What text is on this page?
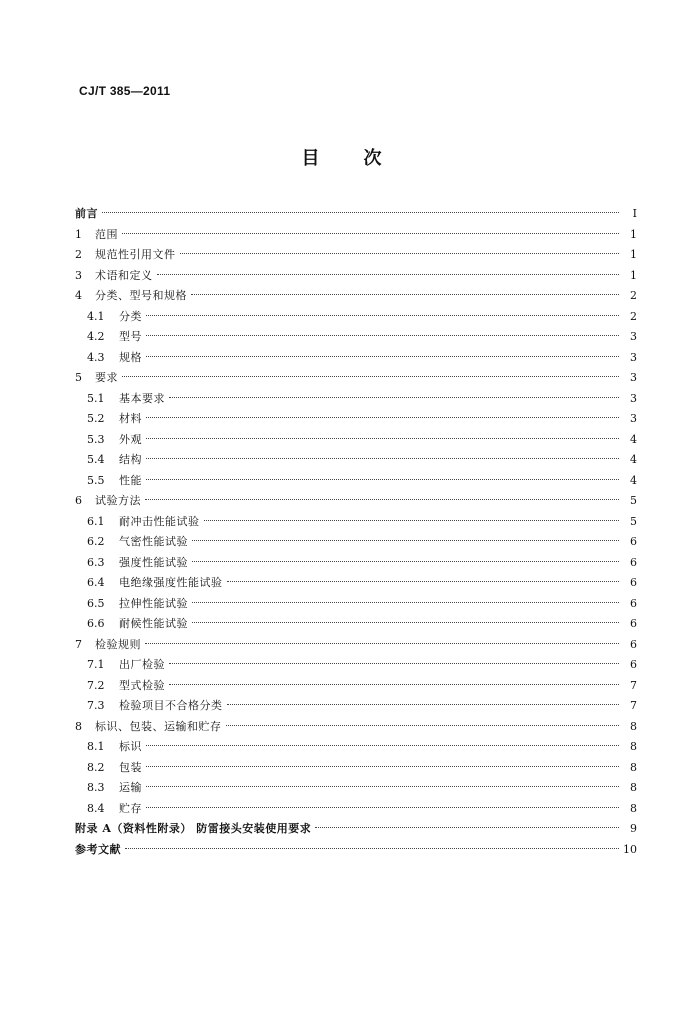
CJ/T 385—2011
目次
前言	I
1	范围	1
2	规范性引用文件	1
3	术语和定义	1
4	分类、型号和规格	2
4.1	分类	2
4.2	型号	3
4.3	规格	3
5	要求	3
5.1	基本要求	3
5.2	材料	3
5.3	外观	4
5.4	结构	4
5.5	性能	4
6	试验方法	5
6.1	耐冲击性能试验	5
6.2	气密性能试验	6
6.3	强度性能试验	6
6.4	电绝缘强度性能试验	6
6.5	拉伸性能试验	6
6.6	耐候性能试验	6
7	检验规则	6
7.1	出厂检验	6
7.2	型式检验	7
7.3	检验项目不合格分类	7
8	标识、包装、运输和贮存	8
8.1	标识	8
8.2	包装	8
8.3	运输	8
8.4	贮存	8
附录 A（资料性附录） 防雷接头安装使用要求	9
参考文献	10
